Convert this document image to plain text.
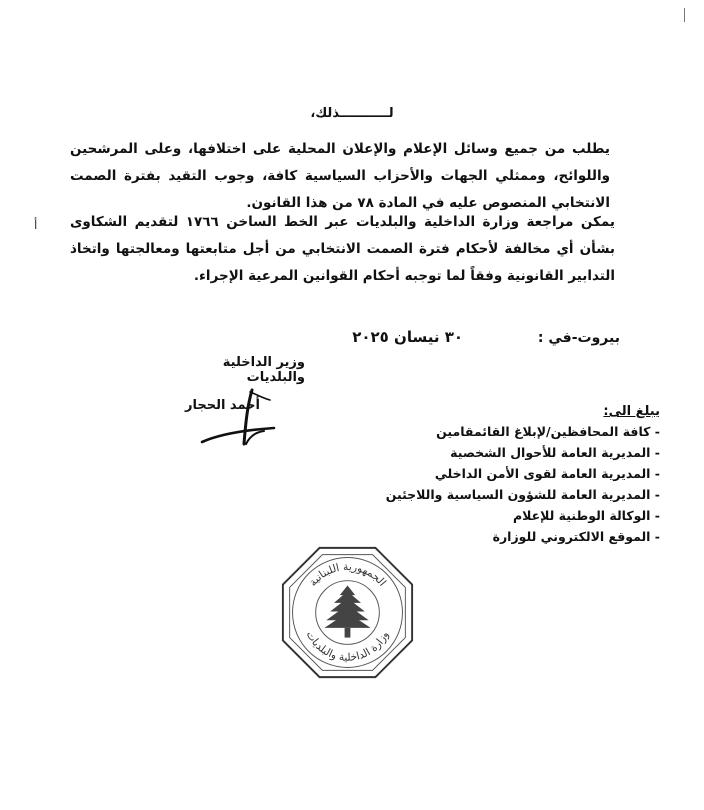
لـــــــــــذلك،
يطلب من جميع وسائل الإعلام والإعلان المحلية على اختلافها، وعلى المرشحين واللوائح، وممثلي الجهات والأحزاب السياسية كافة، وجوب التقيد بفترة الصمت الانتخابي المنصوص عليه في المادة ٧٨ من هذا القانون.
يمكن مراجعة وزارة الداخلية والبلديات عبر الخط الساخن ١٧٦٦ لتقديم الشكاوى بشأن أي مخالفة لأحكام فترة الصمت الانتخابي من أجل متابعتها ومعالجتها واتخاذ التدابير القانونية وفقاً لما توجبه أحكام القوانين المرعية الإجراء.
أ
بيروت-في : ٣٠ نيسان ٢٠٢٥
وزير الداخلية والبلديات
أحمد الحجار	يبلغ الى:
- كافة المحافظين/لإبلاغ القائمقامين
- المديرية العامة للأحوال الشخصية
- المديرية العامة لقوى الأمن الداخلي
- المديرية العامة للشؤون السياسية واللاجئين
- الوكالة الوطنية للإعلام
- الموقع الالكتروني للوزارة
الجمهورية اللبنانية
وزارة الداخلية والبلديات
